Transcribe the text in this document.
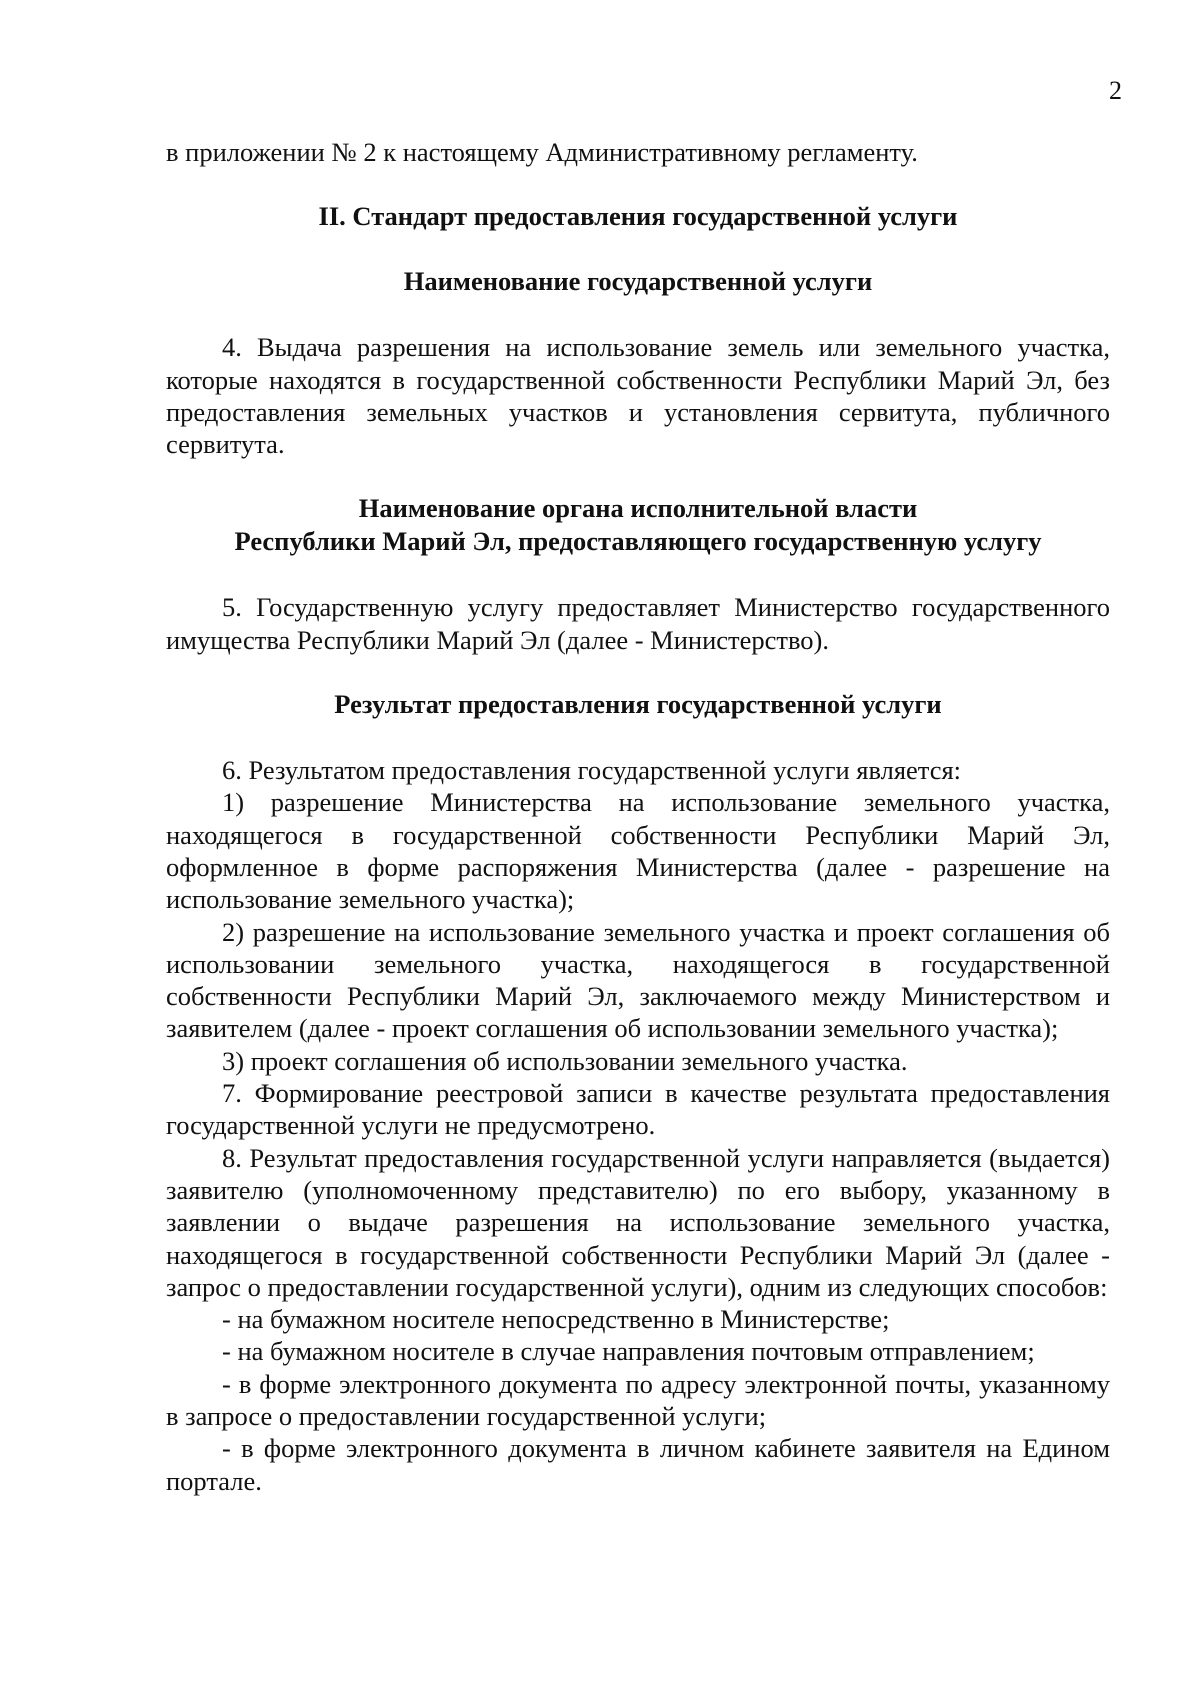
2

в приложении № 2 к настоящему Административному регламенту.

II. Стандарт предоставления государственной услуги

Наименование государственной услуги

4. Выдача разрешения на использование земель или земельного участка, которые находятся в государственной собственности Республики Марий Эл, без предоставления земельных участков и установления сервитута, публичного сервитута.

Наименование органа исполнительной власти
Республики Марий Эл, предоставляющего государственную услугу

5. Государственную услугу предоставляет Министерство государственного имущества Республики Марий Эл (далее - Министерство).

Результат предоставления государственной услуги

6. Результатом предоставления государственной услуги является:

1) разрешение Министерства на использование земельного участка, находящегося в государственной собственности Республики Марий Эл, оформленное в форме распоряжения Министерства (далее - разрешение на использование земельного участка);

2) разрешение на использование земельного участка и проект соглашения об использовании земельного участка, находящегося в государственной собственности Республики Марий Эл, заключаемого между Министерством и заявителем (далее - проект соглашения об использовании земельного участка);

3) проект соглашения об использовании земельного участка.

7. Формирование реестровой записи в качестве результата предоставления государственной услуги не предусмотрено.

8. Результат предоставления государственной услуги направляется (выдается) заявителю (уполномоченному представителю) по его выбору, указанному в заявлении о выдаче разрешения на использование земельного участка, находящегося в государственной собственности Республики Марий Эл (далее - запрос о предоставлении государственной услуги), одним из следующих способов:

- на бумажном носителе непосредственно в Министерстве;

- на бумажном носителе в случае направления почтовым отправлением;

- в форме электронного документа по адресу электронной почты, указанному в запросе о предоставлении государственной услуги;

- в форме электронного документа в личном кабинете заявителя на Едином портале.
